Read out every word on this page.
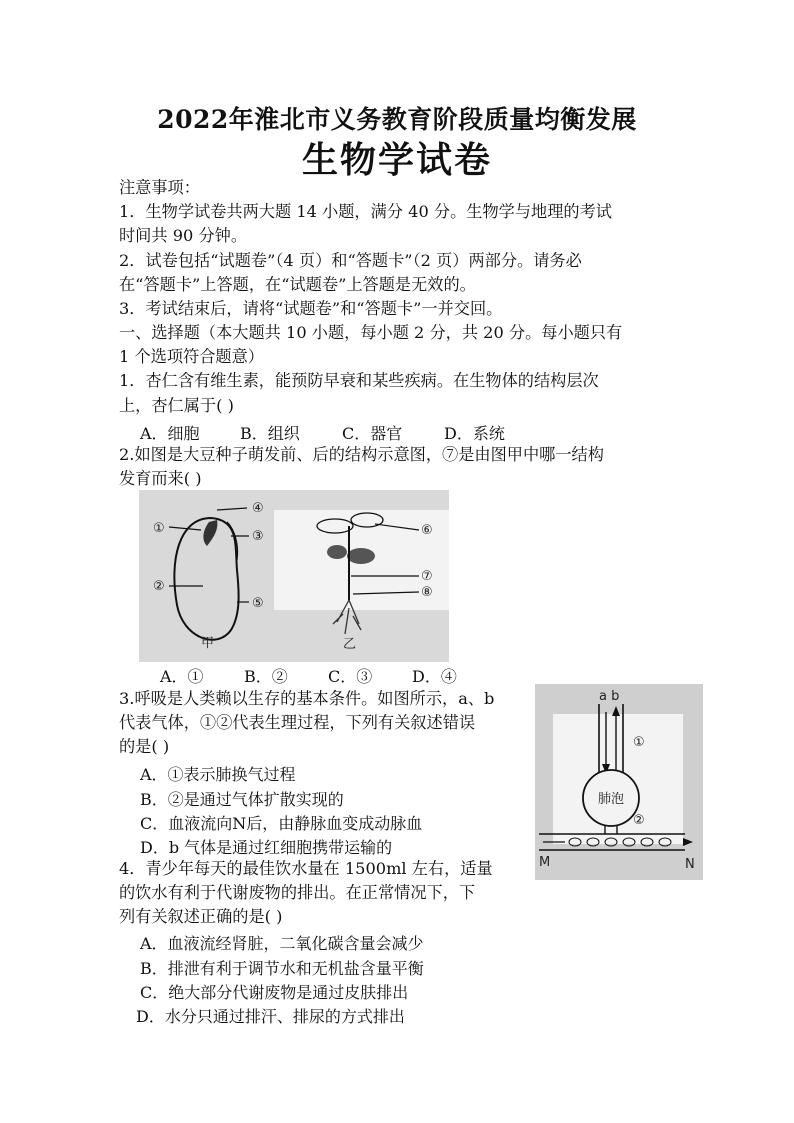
2022年淮北市义务教育阶段质量均衡发展
生物学试卷
注意事项：
1．生物学试卷共两大题 14 小题，满分 40 分。生物学与地理的考试
时间共 90 分钟。
2．试卷包括“试题卷”（4 页）和“答题卡”（2 页）两部分。请务必
在“答题卡”上答题，在“试题卷”上答题是无效的。
3．考试结束后，请将“试题卷”和“答题卡”一并交回。
一、选择题（本大题共 10 小题，每小题 2 分，共 20 分。每小题只有
1 个选项符合题意）
1．杏仁含有维生素，能预防早衰和某些疾病。在生物体的结构层次
上，杏仁属于( )
A．细胞	B．组织	C．器官	D．系统
2.如图是大豆种子萌发前、后的结构示意图，⑦是由图甲中哪一结构
发育而来( )
①
②
③
④
⑤
甲
⑥
⑦
⑧
乙
A．①	B．②	C．③ D．④
3.呼吸是人类赖以生存的基本条件。如图所示，a、b
代表气体，①②代表生理过程，下列有关叙述错误
的是( )
A．①表示肺换气过程
B．②是通过气体扩散实现的
C．血液流向N后，由静脉血变成动脉血
D．b 气体是通过红细胞携带运输的
a b
①
肺泡
②
M	N
4．青少年每天的最佳饮水量在 1500ml 左右，适量
的饮水有利于代谢废物的排出。在正常情况下，下
列有关叙述正确的是( )
A．血液流经肾脏，二氧化碳含量会减少
B．排泄有利于调节水和无机盐含量平衡
C．绝大部分代谢废物是通过皮肤排出
D．水分只通过排汗、排尿的方式排出
